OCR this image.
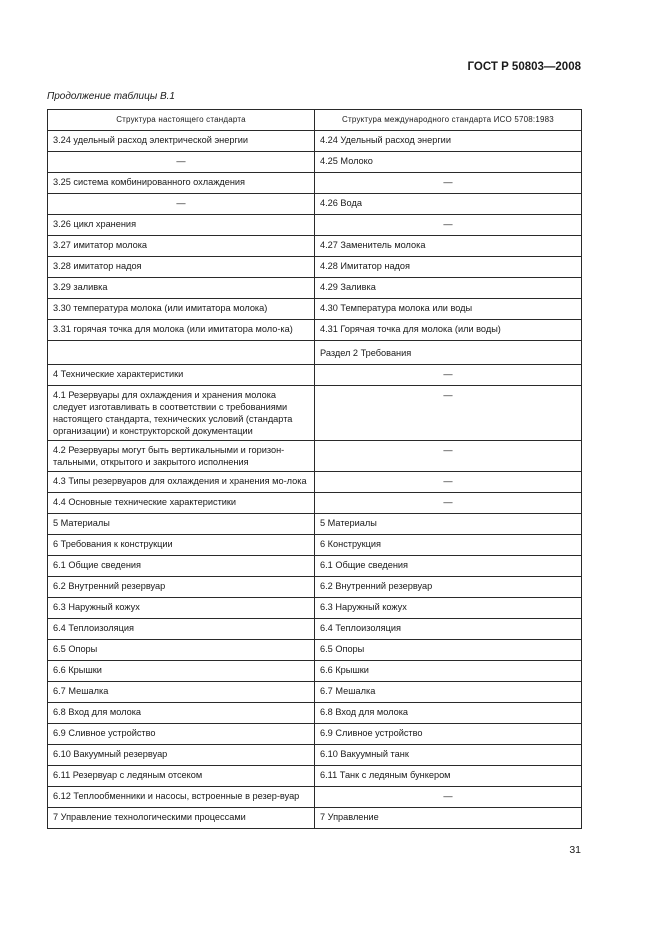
ГОСТ Р 50803—2008
Продолжение таблицы В.1
Структура настоящего стандарта	Структура международного стандарта ИСО 5708:1983
3.24 удельный расход электрической энергии	4.24 Удельный расход энергии
—	4.25 Молоко
3.25 система комбинированного охлаждения	—
—	4.26 Вода
3.26 цикл хранения	—
3.27 имитатор молока	4.27 Заменитель молока
3.28 имитатор надоя	4.28 Имитатор надоя
3.29 заливка	4.29 Заливка
3.30 температура молока (или имитатора молока)	4.30 Температура молока или воды
3.31 горячая точка для молока (или имитатора моло-ка)	4.31 Горячая точка для молока (или воды)
	Раздел 2 Требования
4 Технические характеристики	—
4.1 Резервуары для охлаждения и хранения молока следует изготавливать в соответствии с требованиями настоящего стандарта, технических условий (стандарта организации) и конструкторской документации	—
4.2 Резервуары могут быть вертикальными и горизон-тальными, открытого и закрытого исполнения	—
4.3 Типы резервуаров для охлаждения и хранения мо-лока	—
4.4 Основные технические характеристики	—
5 Материалы	5 Материалы
6 Требования к конструкции	6 Конструкция
6.1 Общие сведения	6.1 Общие сведения
6.2 Внутренний резервуар	6.2 Внутренний резервуар
6.3 Наружный кожух	6.3 Наружный кожух
6.4 Теплоизоляция	6.4 Теплоизоляция
6.5 Опоры	6.5 Опоры
6.6 Крышки	6.6 Крышки
6.7 Мешалка	6.7 Мешалка
6.8 Вход для молока	6.8 Вход для молока
6.9 Сливное устройство	6.9 Сливное устройство
6.10 Вакуумный резервуар	6.10 Вакуумный танк
6.11 Резервуар с ледяным отсеком	6.11 Танк с ледяным бункером
6.12 Теплообменники и насосы, встроенные в резер-вуар	—
7 Управление технологическими процессами	7 Управление
31
